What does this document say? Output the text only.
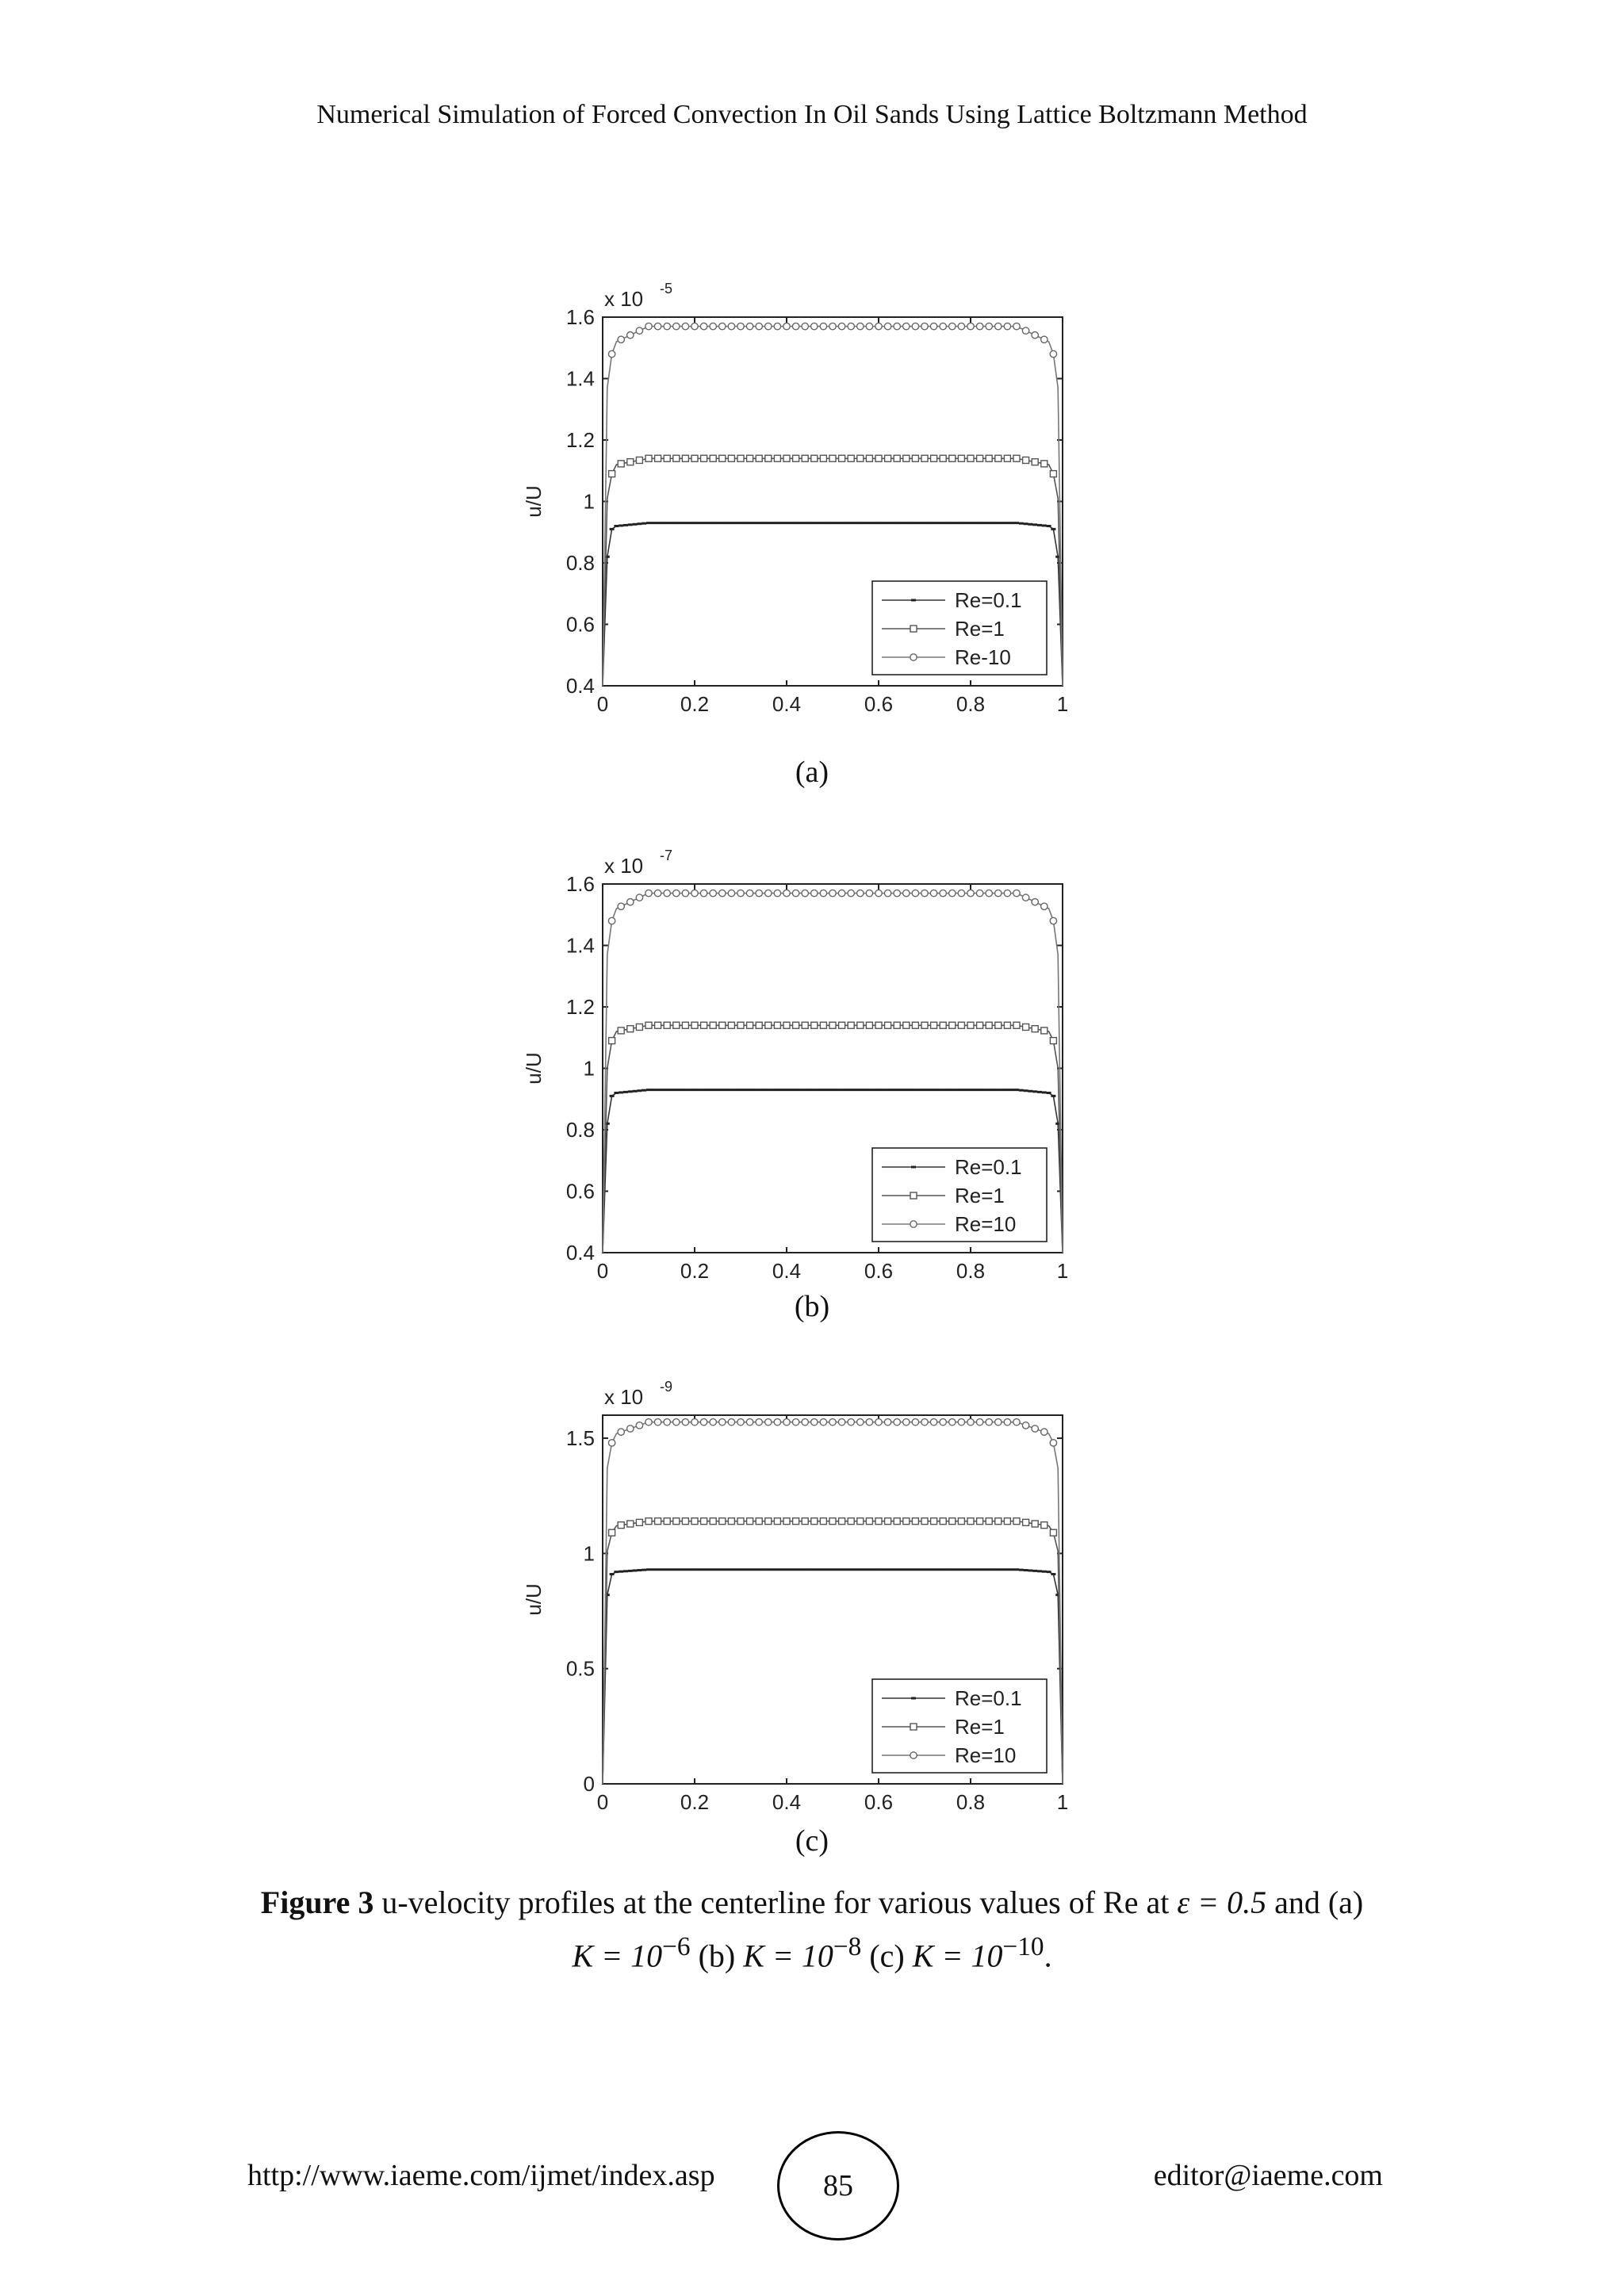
Numerical Simulation of Forced Convection In Oil Sands Using Lattice Boltzmann Method
0.4
0.6
0.8
1
1.2
1.4
1.6
0	0.2	0.4	0.6	0.8	1
x 10 -5
u/U
Re=0.1
Re=1
Re-10
(a)
0.4
0.6
0.8
1
1.2
1.4
1.6
0	0.2	0.4	0.6	0.8	1
x 10 -7
u/U
Re=0.1
Re=1
Re=10
(b)
0
0.5
1
1.5
0	0.2	0.4	0.6	0.8	1
x 10 -9
u/U
Re=0.1
Re=1
Re=10
(c)
Figure 3 u-velocity profiles at the centerline for various values of Re at ε = 0.5 and (a)
$K = 10^{-6}$ (b) $K = 10^{-8}$ (c) $K = 10^{-10}$.
http://www.iaeme.com/ijmet/index.asp	85	editor@iaeme.com
